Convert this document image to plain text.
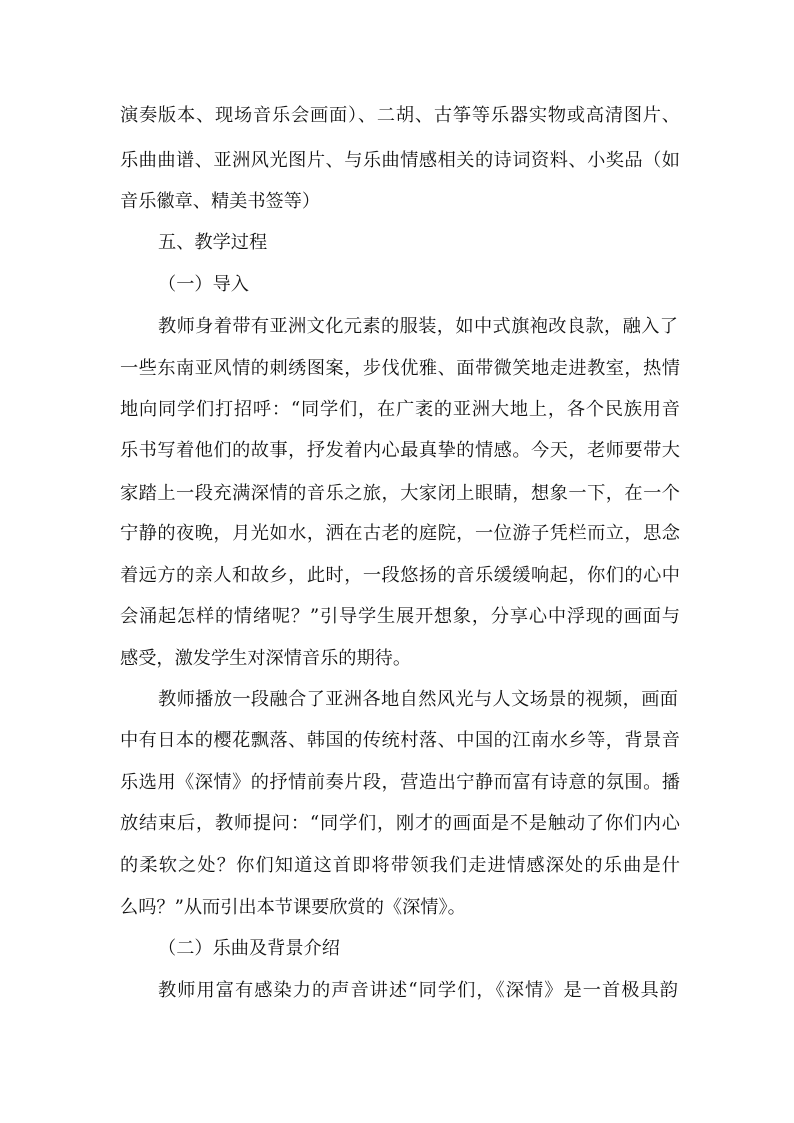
演奏版本、现场音乐会画面）、二胡、古筝等乐器实物或高清图片、
乐曲曲谱、亚洲风光图片、与乐曲情感相关的诗词资料、小奖品（如
音乐徽章、精美书签等）
五、教学过程
（一）导入
教师身着带有亚洲文化元素的服装，如中式旗袍改良款，融入了
一些东南亚风情的刺绣图案，步伐优雅、面带微笑地走进教室，热情
地向同学们打招呼：“同学们，在广袤的亚洲大地上，各个民族用音
乐书写着他们的故事，抒发着内心最真挚的情感。今天，老师要带大
家踏上一段充满深情的音乐之旅，大家闭上眼睛，想象一下，在一个
宁静的夜晚，月光如水，洒在古老的庭院，一位游子凭栏而立，思念
着远方的亲人和故乡，此时，一段悠扬的音乐缓缓响起，你们的心中
会涌起怎样的情绪呢？”引导学生展开想象，分享心中浮现的画面与
感受，激发学生对深情音乐的期待。
教师播放一段融合了亚洲各地自然风光与人文场景的视频，画面
中有日本的樱花飘落、韩国的传统村落、中国的江南水乡等，背景音
乐选用《深情》的抒情前奏片段，营造出宁静而富有诗意的氛围。播
放结束后，教师提问：“同学们，刚才的画面是不是触动了你们内心
的柔软之处？你们知道这首即将带领我们走进情感深处的乐曲是什
么吗？”从而引出本节课要欣赏的《深情》。
（二）乐曲及背景介绍
教师用富有感染力的声音讲述“同学们，《深情》是一首极具韵
